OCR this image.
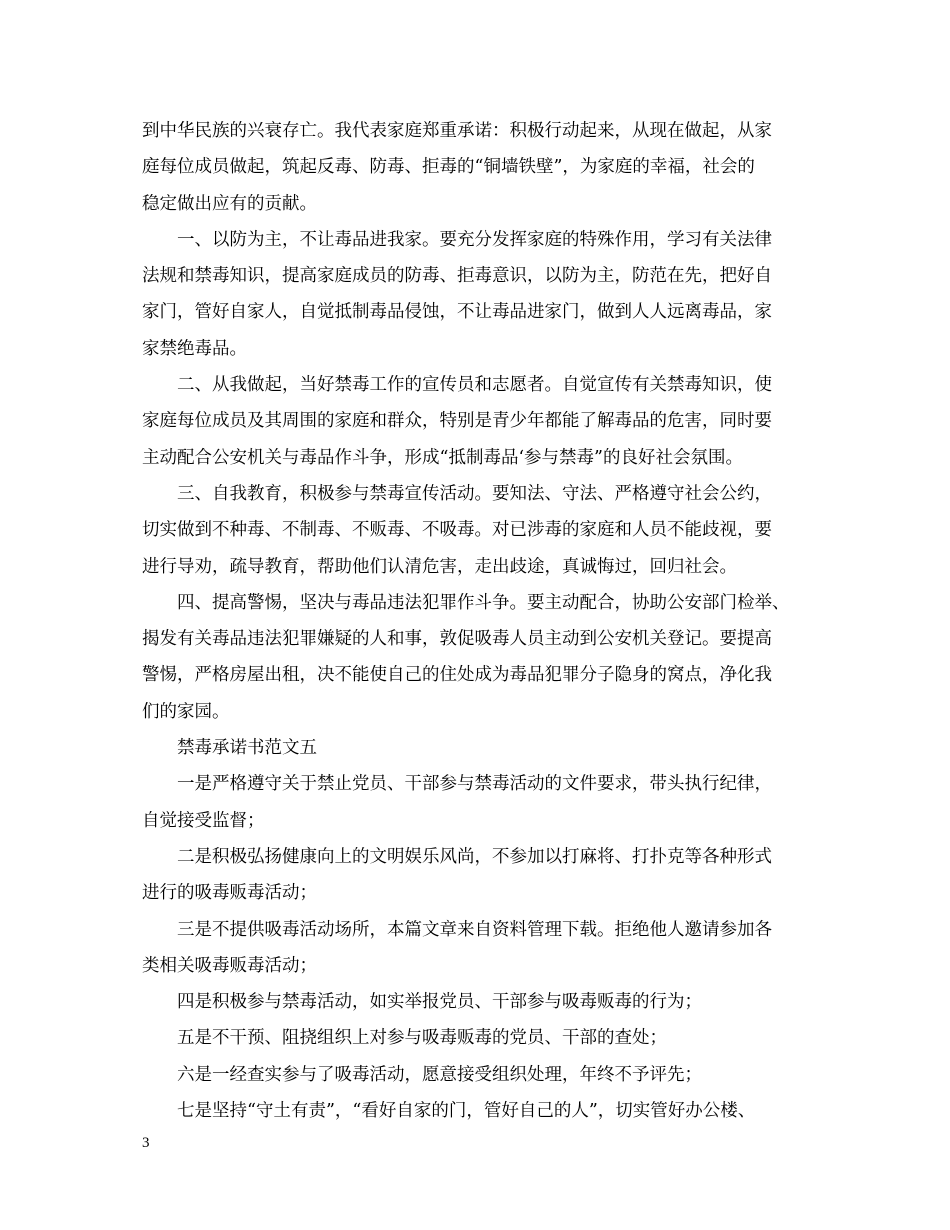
到中华民族的兴衰存亡。我代表家庭郑重承诺：积极行动起来，从现在做起，从家
庭每位成员做起，筑起反毒、防毒、拒毒的“铜墙铁壁”，为家庭的幸福，社会的
稳定做出应有的贡献。
一、以防为主，不让毒品进我家。要充分发挥家庭的特殊作用，学习有关法律
法规和禁毒知识，提高家庭成员的防毒、拒毒意识，以防为主，防范在先，把好自
家门，管好自家人，自觉抵制毒品侵蚀，不让毒品进家门，做到人人远离毒品，家
家禁绝毒品。
二、从我做起，当好禁毒工作的宣传员和志愿者。自觉宣传有关禁毒知识，使
家庭每位成员及其周围的家庭和群众，特别是青少年都能了解毒品的危害，同时要
主动配合公安机关与毒品作斗争，形成“抵制毒品‘参与禁毒”的良好社会氛围。
三、自我教育，积极参与禁毒宣传活动。要知法、守法、严格遵守社会公约，
切实做到不种毒、不制毒、不贩毒、不吸毒。对已涉毒的家庭和人员不能歧视，要
进行导劝，疏导教育，帮助他们认清危害，走出歧途，真诚悔过，回归社会。
四、提高警惕，坚决与毒品违法犯罪作斗争。要主动配合，协助公安部门检举、
揭发有关毒品违法犯罪嫌疑的人和事，敦促吸毒人员主动到公安机关登记。要提高
警惕，严格房屋出租，决不能使自己的住处成为毒品犯罪分子隐身的窝点，净化我
们的家园。
禁毒承诺书范文五
一是严格遵守关于禁止党员、干部参与禁毒活动的文件要求，带头执行纪律，
自觉接受监督；
二是积极弘扬健康向上的文明娱乐风尚，不参加以打麻将、打扑克等各种形式
进行的吸毒贩毒活动；
三是不提供吸毒活动场所，本篇文章来自资料管理下载。拒绝他人邀请参加各
类相关吸毒贩毒活动；
四是积极参与禁毒活动，如实举报党员、干部参与吸毒贩毒的行为；
五是不干预、阻挠组织上对参与吸毒贩毒的党员、干部的查处；
六是一经查实参与了吸毒活动，愿意接受组织处理，年终不予评先；
七是坚持“守土有责”，“看好自家的门，管好自己的人”，切实管好办公楼、
3
